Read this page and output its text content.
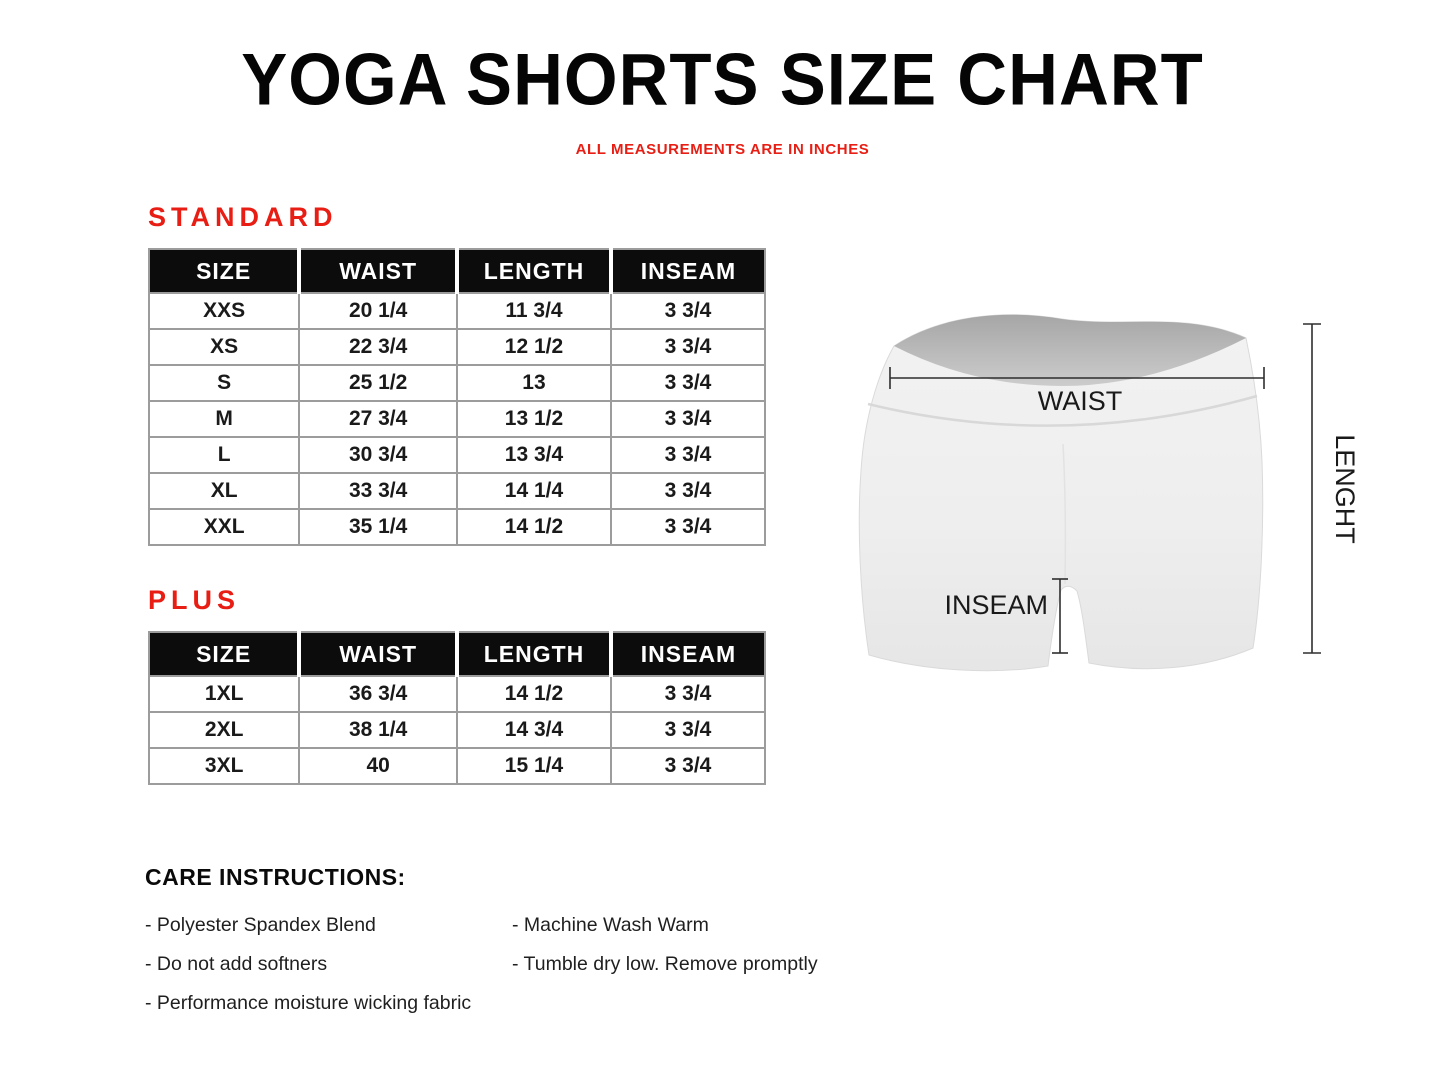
YOGA SHORTS SIZE CHART
ALL MEASUREMENTS ARE IN INCHES
STANDARD
SIZE	WAIST	LENGTH	INSEAM
XXS	20 1/4	11 3/4	3 3/4
XS	22 3/4	12 1/2	3 3/4
S	25 1/2	13	3 3/4
M	27 3/4	13 1/2	3 3/4
L	30 3/4	13 3/4	3 3/4
XL	33 3/4	14 1/4	3 3/4
XXL	35 1/4	14 1/2	3 3/4
PLUS
SIZE	WAIST	LENGTH	INSEAM
1XL	36 3/4	14 1/2	3 3/4
2XL	38 1/4	14 3/4	3 3/4
3XL	40	15 1/4	3 3/4
CARE INSTRUCTIONS:
- Polyester Spandex Blend
- Do not add softners
- Performance moisture wicking fabric
- Machine Wash Warm
- Tumble dry low. Remove promptly
WAIST
INSEAM
LENGHT
